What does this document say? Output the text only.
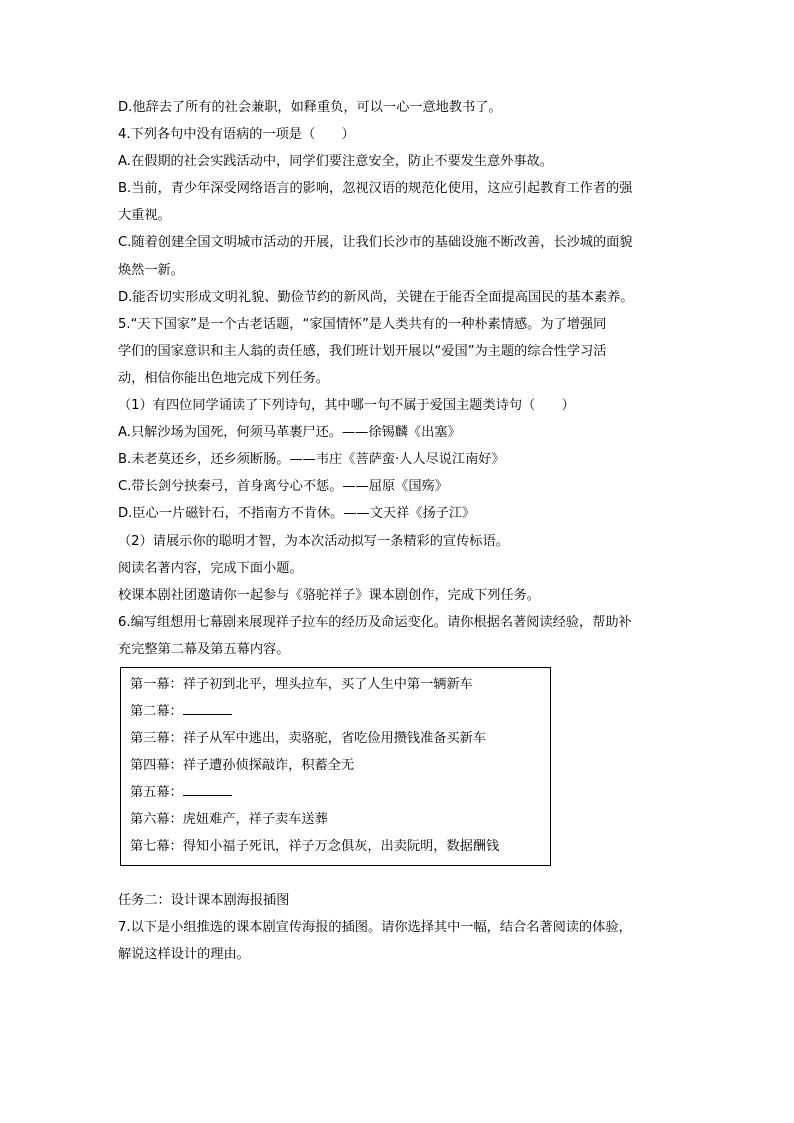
D.他辞去了所有的社会兼职，如释重负，可以一心一意地教书了。
4.下列各句中没有语病的一项是（　　）
A.在假期的社会实践活动中，同学们要注意安全，防止不要发生意外事故。
B.当前，青少年深受网络语言的影响，忽视汉语的规范化使用，这应引起教育工作者的强
大重视。
C.随着创建全国文明城市活动的开展，让我们长沙市的基础设施不断改善，长沙城的面貌
焕然一新。
D.能否切实形成文明礼貌、勤俭节约的新风尚，关键在于能否全面提高国民的基本素养。
5.“天下国家”是一个古老话题，“家国情怀”是人类共有的一种朴素情感。为了增强同
学们的国家意识和主人翁的责任感，我们班计划开展以“爱国”为主题的综合性学习活
动，相信你能出色地完成下列任务。
（1）有四位同学诵读了下列诗句，其中哪一句不属于爱国主题类诗句（　　）
A.只解沙场为国死，何须马革裹尸还。——徐锡麟《出塞》
B.未老莫还乡，还乡须断肠。——韦庄《菩萨蛮·人人尽说江南好》
C.带长剑兮挟秦弓，首身离兮心不惩。——屈原《国殇》
D.臣心一片磁针石，不指南方不肯休。——文天祥《扬子江》
（2）请展示你的聪明才智，为本次活动拟写一条精彩的宣传标语。
阅读名著内容，完成下面小题。
校课本剧社团邀请你一起参与《骆驼祥子》课本剧创作，完成下列任务。
6.编写组想用七幕剧来展现祥子拉车的经历及命运变化。请你根据名著阅读经验，帮助补
充完整第二幕及第五幕内容。
第一幕：祥子初到北平，埋头拉车，买了人生中第一辆新车
第二幕：
第三幕：祥子从军中逃出，卖骆驼，省吃俭用攒钱准备买新车
第四幕：祥子遭孙侦探敲诈，积蓄全无
第五幕：
第六幕：虎妞难产，祥子卖车送葬
第七幕：得知小福子死讯，祥子万念俱灰，出卖阮明，数据酬钱
任务二：设计课本剧海报插图
7.以下是小组推选的课本剧宣传海报的插图。请你选择其中一幅，结合名著阅读的体验，
解说这样设计的理由。
